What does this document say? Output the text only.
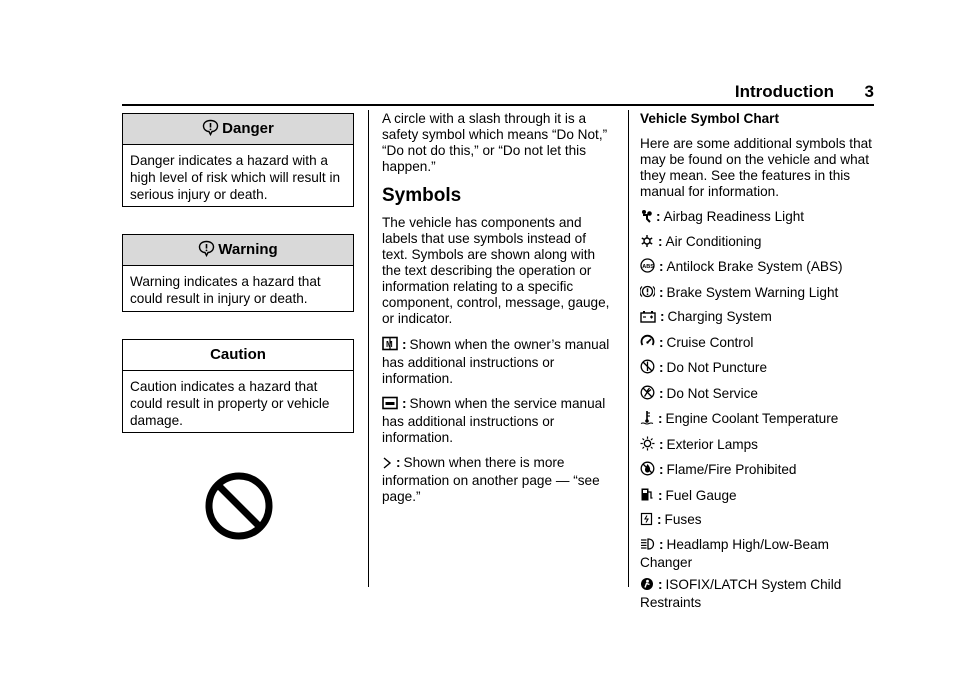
Introduction 3
Danger
Danger indicates a hazard with a high level of risk which will result in serious injury or death.
Warning
Warning indicates a hazard that could result in injury or death.
Caution
Caution indicates a hazard that could result in property or vehicle damage.

A circle with a slash through it is a safety symbol which means “Do Not,” “Do not do this,” or “Do not let this happen.”

Symbols

The vehicle has components and labels that use symbols instead of text. Symbols are shown along with the text describing the operation or information relating to a specific component, control, message, gauge, or indicator.

M : Shown when the owner’s manual has additional instructions or information.

: Shown when the service manual has additional instructions or information.

: Shown when there is more information on another page — “see page.”

Vehicle Symbol Chart

Here are some additional symbols that may be found on the vehicle and what they mean. See the features in this manual for information.

: Airbag Readiness Light
: Air Conditioning
ABS : Antilock Brake System (ABS)
: Brake System Warning Light
: Charging System
: Cruise Control
: Do Not Puncture
: Do Not Service
: Engine Coolant Temperature
: Exterior Lamps
: Flame/Fire Prohibited
: Fuel Gauge
: Fuses
: Headlamp High/Low-Beam Changer
: ISOFIX/LATCH System Child Restraints
